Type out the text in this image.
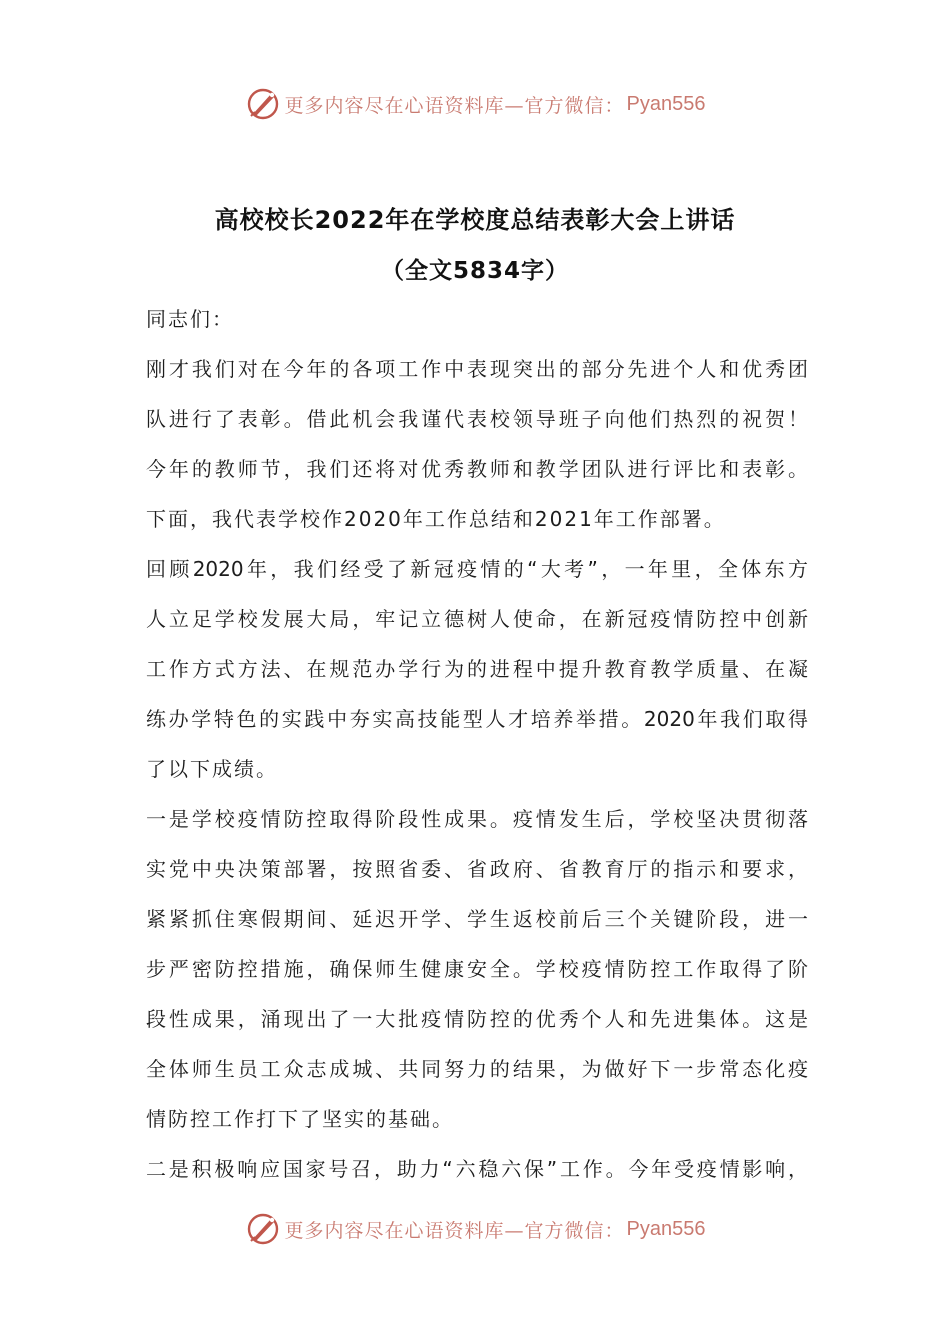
更多内容尽在心语资料库—官方微信： Pyan556
高校校长2022年在学校度总结表彰大会上讲话
（全文5834字）
同志们：
刚才我们对在今年的各项工作中表现突出的部分先进个人和优秀团
队进行了表彰。借此机会我谨代表校领导班子向他们热烈的祝贺！
今年的教师节，我们还将对优秀教师和教学团队进行评比和表彰。
下面，我代表学校作2020年工作总结和2021年工作部署。
回顾2020年，我们经受了新冠疫情的“大考”，一年里，全体东方
人立足学校发展大局，牢记立德树人使命，在新冠疫情防控中创新
工作方式方法、在规范办学行为的进程中提升教育教学质量、在凝
练办学特色的实践中夯实高技能型人才培养举措。2020年我们取得
了以下成绩。
一是学校疫情防控取得阶段性成果。疫情发生后，学校坚决贯彻落
实党中央决策部署，按照省委、省政府、省教育厅的指示和要求，
紧紧抓住寒假期间、延迟开学、学生返校前后三个关键阶段，进一
步严密防控措施，确保师生健康安全。学校疫情防控工作取得了阶
段性成果，涌现出了一大批疫情防控的优秀个人和先进集体。这是
全体师生员工众志成城、共同努力的结果，为做好下一步常态化疫
情防控工作打下了坚实的基础。
二是积极响应国家号召，助力“六稳六保”工作。今年受疫情影响，
更多内容尽在心语资料库—官方微信： Pyan556
